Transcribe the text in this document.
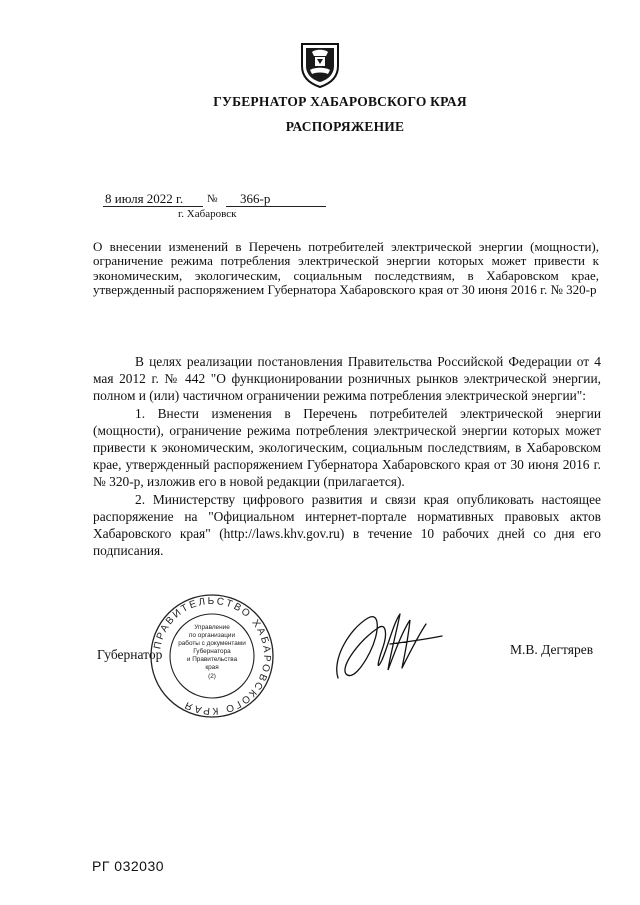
ГУБЕРНАТОР ХАБАРОВСКОГО КРАЯ
РАСПОРЯЖЕНИЕ
8 июля 2022 г. № 366-р
г. Хабаровск
О внесении изменений в Перечень потребителей электрической энергии (мощности), ограничение режима потребления электрической энергии которых может привести к экономическим, экологическим, социальным последствиям, в Хабаровском крае, утвержденный распоряжением Губернатора Хабаровского края от 30 июня 2016 г. № 320-р

В целях реализации постановления Правительства Российской Федерации от 4 мая 2012 г. № 442 "О функционировании розничных рынков электрической энергии, полном и (или) частичном ограничении режима потребления электрической энергии":

1. Внести изменения в Перечень потребителей электрической энергии (мощности), ограничение режима потребления электрической энергии которых может привести к экономическим, экологическим, социальным последствиям, в Хабаровском крае, утвержденный распоряжением Губернатора Хабаровского края от 30 июня 2016 г. № 320-р, изложив его в новой редакции (прилагается).

2. Министерству цифрового развития и связи края опубликовать настоящее распоряжение на "Официальном интернет-портале нормативных правовых актов Хабаровского края" (http://laws.khv.gov.ru) в течение 10 рабочих дней со дня его подписания.

ПРАВИТЕЛЬСТВО ХАБАРОВСКОГО КРАЯ
Управление
по организации
работы с документами
Губернатора
и Правительства
края
(2)
Губернатор	М.В. Дегтярев
РГ 032030
